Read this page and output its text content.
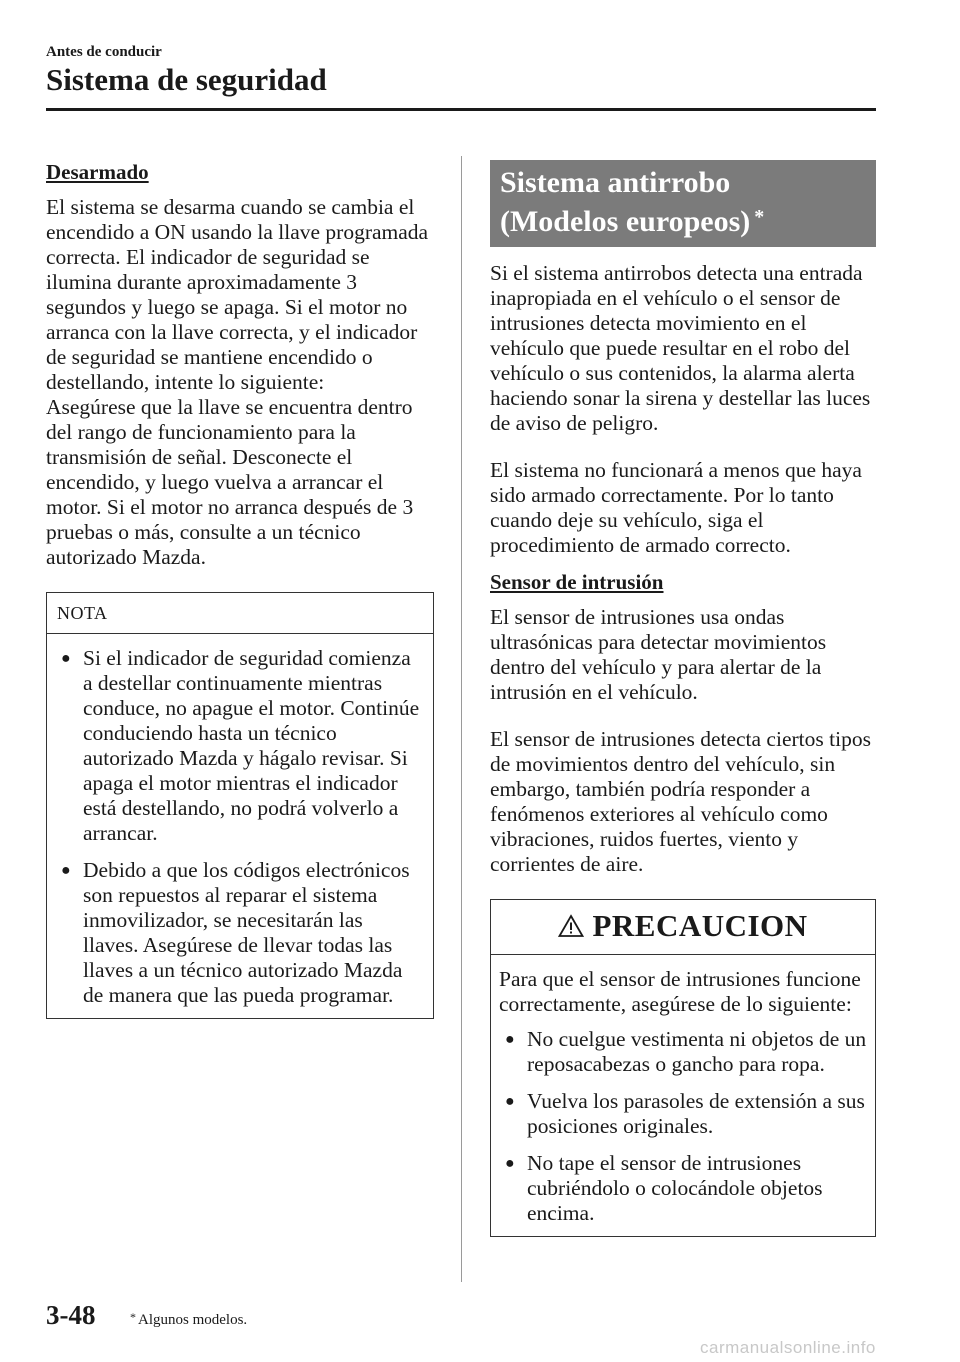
Antes de conducir
Sistema de seguridad
Desarmado

El sistema se desarma cuando se cambia el encendido a ON usando la llave programada correcta. El indicador de seguridad se ilumina durante aproximadamente 3 segundos y luego se apaga. Si el motor no arranca con la llave correcta, y el indicador de seguridad se mantiene encendido o destellando, intente lo siguiente:

Asegúrese que la llave se encuentra dentro del rango de funcionamiento para la transmisión de señal. Desconecte el encendido, y luego vuelva a arrancar el motor. Si el motor no arranca después de 3 pruebas o más, consulte a un técnico autorizado Mazda.

NOTA
● Si el indicador de seguridad comienza a destellar continuamente mientras conduce, no apague el motor. Continúe conduciendo hasta un técnico autorizado Mazda y hágalo revisar. Si apaga el motor mientras el indicador está destellando, no podrá volverlo a arrancar.
● Debido a que los códigos electrónicos son repuestos al reparar el sistema inmovilizador, se necesitarán las llaves. Asegúrese de llevar todas las llaves a un técnico autorizado Mazda de manera que las pueda programar.
Sistema antirrobo
(Modelos europeos) *

Si el sistema antirrobos detecta una entrada inapropiada en el vehículo o el sensor de intrusiones detecta movimiento en el vehículo que puede resultar en el robo del vehículo o sus contenidos, la alarma alerta haciendo sonar la sirena y destellar las luces de aviso de peligro.

El sistema no funcionará a menos que haya sido armado correctamente. Por lo tanto cuando deje su vehículo, siga el procedimiento de armado correcto.

Sensor de intrusión

El sensor de intrusiones usa ondas ultrasónicas para detectar movimientos dentro del vehículo y para alertar de la intrusión en el vehículo.

El sensor de intrusiones detecta ciertos tipos de movimientos dentro del vehículo, sin embargo, también podría responder a fenómenos exteriores al vehículo como vibraciones, ruidos fuertes, viento y corrientes de aire.

PRECAUCION

Para que el sensor de intrusiones funcione correctamente, asegúrese de lo siguiente:

● No cuelgue vestimenta ni objetos de un reposacabezas o gancho para ropa.
● Vuelva los parasoles de extensión a sus posiciones originales.
● No tape el sensor de intrusiones cubriéndolo o colocándole objetos encima.
3-48	* Algunos modelos.
carmanualsonline.info
